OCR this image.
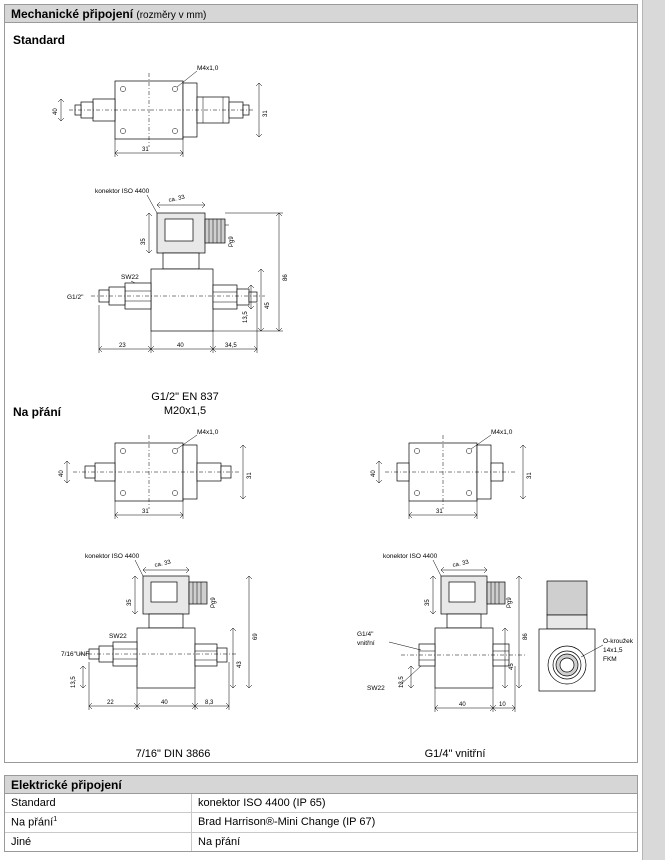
Mechanické připojení (rozměry v mm)
Standard
Na přání
M4x1,0
40	31
31
konektor ISO 4400
ca. 33
Pg9
SW22
G1/2"
86
45
13,5
35
23	40	34,5
G1/2" EN 837
M20x1,5
M4x1,0
40	31
31
konektor ISO 4400
ca. 33
Pg9
SW22
7/16"UNF
69
43
13,5
35
22	40	8,3
7/16" DIN 3866
M4x1,0
40	31
31
konektor ISO 4400
ca. 33
Pg9
G1/4"
vnitřní
SW22
86
45
13,5
35
40	10
O-kroužek
14x1,5
FKM
G1/4" vnitřní
Elektrické připojení
Standard	konektor ISO 4400 (IP 65)
Na přání$^1$	Brad Harrison®-Mini Change (IP 67)
Jiné	Na přání
